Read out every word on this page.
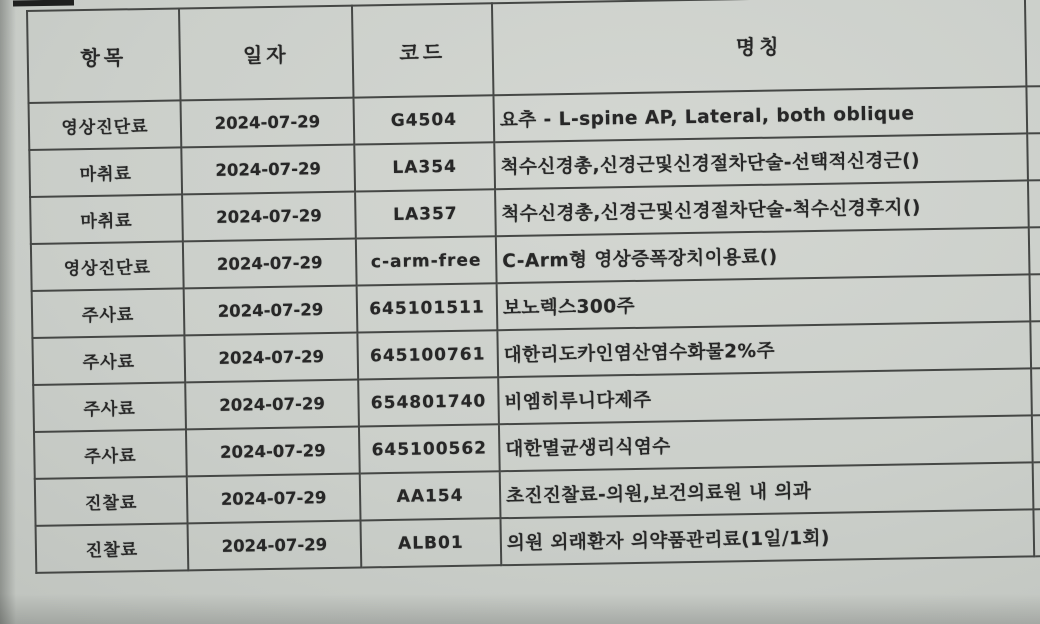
항목	일자	코드	명칭	
영상진단료	2024-07-29	G4504	요추 - L-spine AP, Lateral, both oblique	
마취료	2024-07-29	LA354	척수신경총,신경근및신경절차단술-선택적신경근()	
마취료	2024-07-29	LA357	척수신경총,신경근및신경절차단술-척수신경후지()	
영상진단료	2024-07-29	c-arm-free	C-Arm형 영상증폭장치이용료()	
주사료	2024-07-29	645101511	보노렉스300주	
주사료	2024-07-29	645100761	대한리도카인염산염수화물2%주	
주사료	2024-07-29	654801740	비엠히루니다제주	
주사료	2024-07-29	645100562	대한멸균생리식염수	
진찰료	2024-07-29	AA154	초진진찰료-의원,보건의료원 내 의과	
진찰료	2024-07-29	ALB01	의원 외래환자 의약품관리료(1일/1회)	
